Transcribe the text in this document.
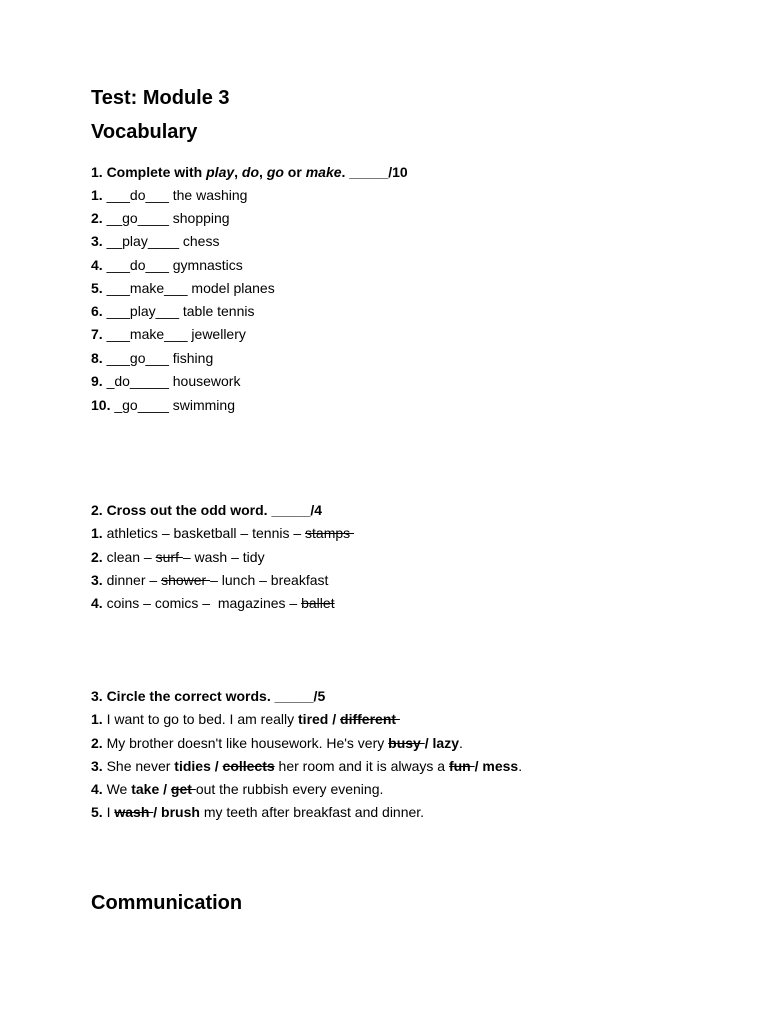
Test: Module 3
Vocabulary
1. Complete with play, do, go or make. _____/10
1. ___do___ the washing
2. __go____ shopping
3. __play____ chess
4. ___do___ gymnastics
5. ___make___ model planes
6. ___play___ table tennis
7. ___make___ jewellery
8. ___go___ fishing
9. _do_____ housework
10. _go____ swimming
2. Cross out the odd word. _____/4
1. athletics – basketball – tennis – stamps
2. clean – surf – wash – tidy
3. dinner – shower – lunch – breakfast
4. coins – comics –  magazines – ballet
3. Circle the correct words. _____/5
1. I want to go to bed. I am really tired / different
2. My brother doesn't like housework. He's very busy / lazy.
3. She never tidies / collects her room and it is always a fun / mess.
4. We take / get out the rubbish every evening.
5. I wash / brush my teeth after breakfast and dinner.
Communication
